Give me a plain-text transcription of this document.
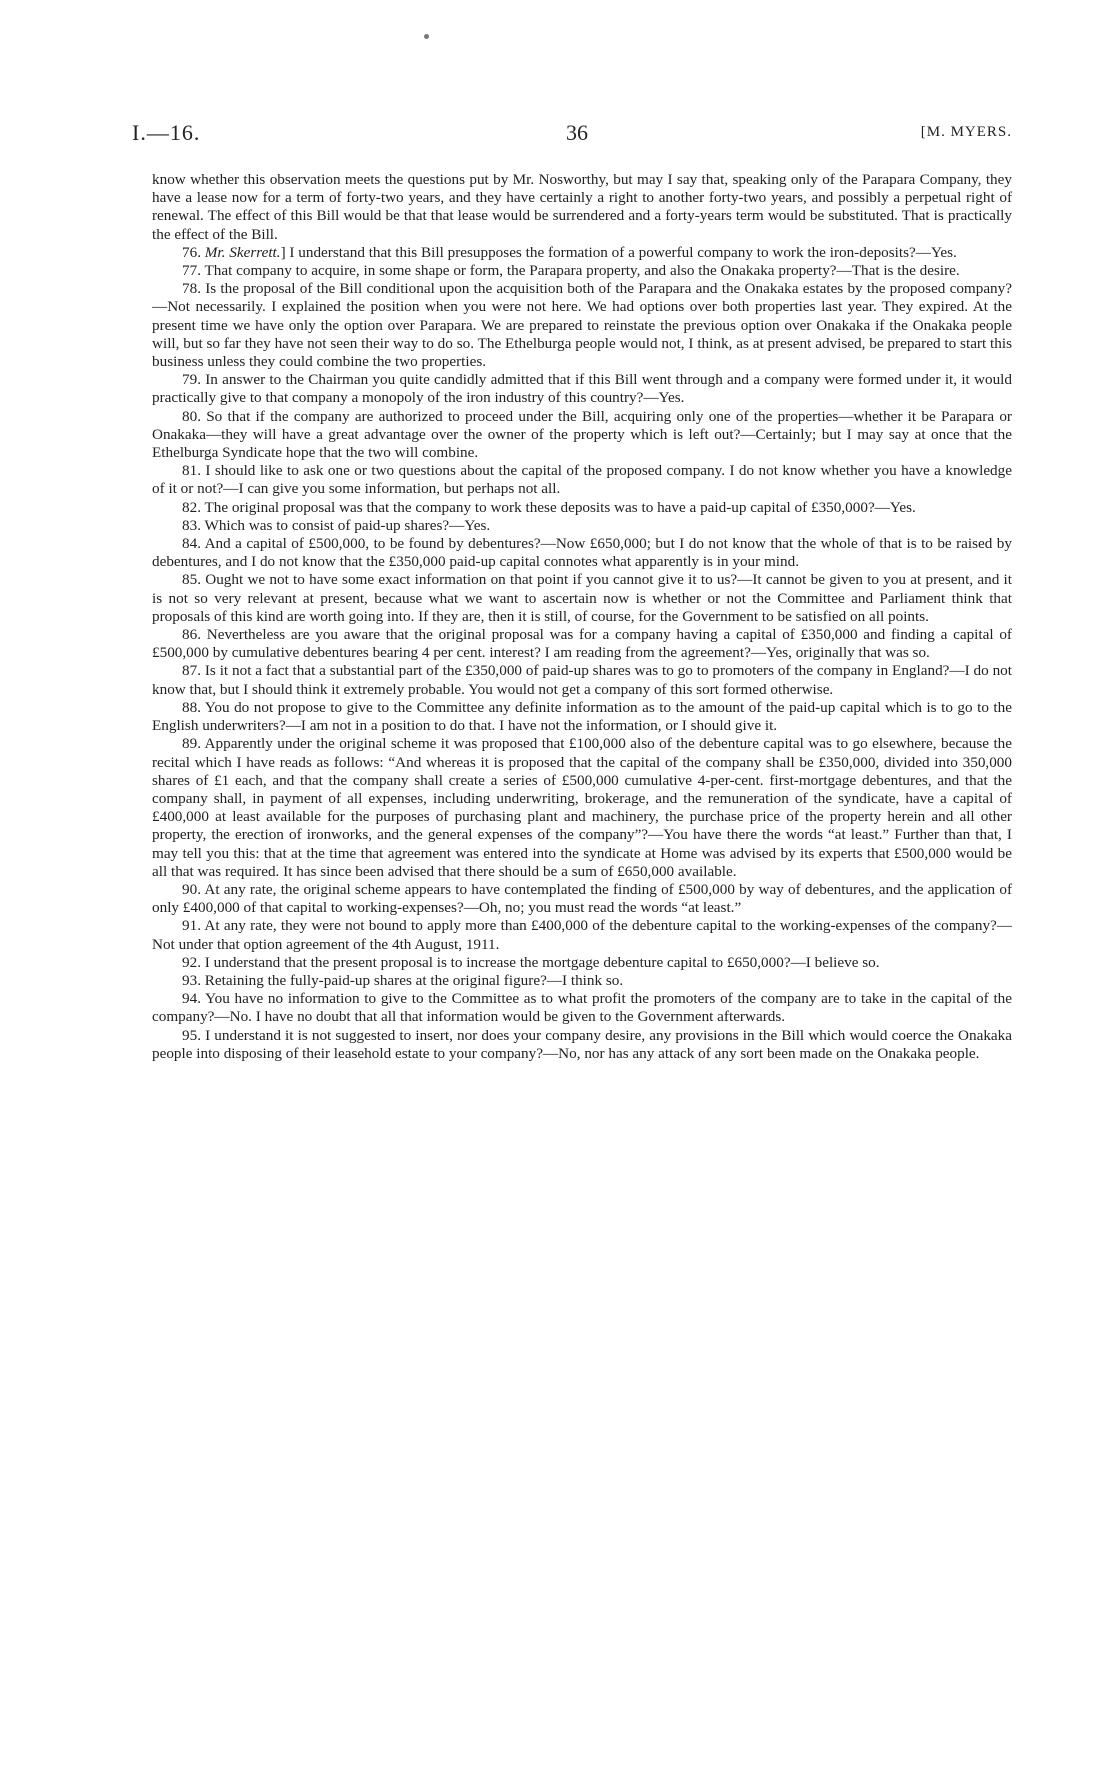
I.—16.	36	[M. MYERS.

know whether this observation meets the questions put by Mr. Nosworthy, but may I say that, speaking only of the Parapara Company, they have a lease now for a term of forty-two years, and they have certainly a right to another forty-two years, and possibly a perpetual right of renewal. The effect of this Bill would be that that lease would be surrendered and a forty-years term would be substituted. That is practically the effect of the Bill.

76. Mr. Skerrett.] I understand that this Bill presupposes the formation of a powerful company to work the iron-deposits?—Yes.

77. That company to acquire, in some shape or form, the Parapara property, and also the Onakaka property?—That is the desire.

78. Is the proposal of the Bill conditional upon the acquisition both of the Parapara and the Onakaka estates by the proposed company?—Not necessarily. I explained the position when you were not here. We had options over both properties last year. They expired. At the present time we have only the option over Parapara. We are prepared to reinstate the previous option over Onakaka if the Onakaka people will, but so far they have not seen their way to do so. The Ethelburga people would not, I think, as at present advised, be prepared to start this business unless they could combine the two properties.

79. In answer to the Chairman you quite candidly admitted that if this Bill went through and a company were formed under it, it would practically give to that company a monopoly of the iron industry of this country?—Yes.

80. So that if the company are authorized to proceed under the Bill, acquiring only one of the properties—whether it be Parapara or Onakaka—they will have a great advantage over the owner of the property which is left out?—Certainly; but I may say at once that the Ethelburga Syndicate hope that the two will combine.

81. I should like to ask one or two questions about the capital of the proposed company. I do not know whether you have a knowledge of it or not?—I can give you some information, but perhaps not all.

82. The original proposal was that the company to work these deposits was to have a paid-up capital of £350,000?—Yes.

83. Which was to consist of paid-up shares?—Yes.

84. And a capital of £500,000, to be found by debentures?—Now £650,000; but I do not know that the whole of that is to be raised by debentures, and I do not know that the £350,000 paid-up capital connotes what apparently is in your mind.

85. Ought we not to have some exact information on that point if you cannot give it to us?—It cannot be given to you at present, and it is not so very relevant at present, because what we want to ascertain now is whether or not the Committee and Parliament think that proposals of this kind are worth going into. If they are, then it is still, of course, for the Government to be satisfied on all points.

86. Nevertheless are you aware that the original proposal was for a company having a capital of £350,000 and finding a capital of £500,000 by cumulative debentures bearing 4 per cent. interest? I am reading from the agreement?—Yes, originally that was so.

87. Is it not a fact that a substantial part of the £350,000 of paid-up shares was to go to promoters of the company in England?—I do not know that, but I should think it extremely probable. You would not get a company of this sort formed otherwise.

88. You do not propose to give to the Committee any definite information as to the amount of the paid-up capital which is to go to the English underwriters?—I am not in a position to do that. I have not the information, or I should give it.

89. Apparently under the original scheme it was proposed that £100,000 also of the debenture capital was to go elsewhere, because the recital which I have reads as follows: “And whereas it is proposed that the capital of the company shall be £350,000, divided into 350,000 shares of £1 each, and that the company shall create a series of £500,000 cumulative 4-per-cent. first-mortgage debentures, and that the company shall, in payment of all expenses, including underwriting, brokerage, and the remuneration of the syndicate, have a capital of £400,000 at least available for the purposes of purchasing plant and machinery, the purchase price of the property herein and all other property, the erection of ironworks, and the general expenses of the company”?—You have there the words “at least.” Further than that, I may tell you this: that at the time that agreement was entered into the syndicate at Home was advised by its experts that £500,000 would be all that was required. It has since been advised that there should be a sum of £650,000 available.

90. At any rate, the original scheme appears to have contemplated the finding of £500,000 by way of debentures, and the application of only £400,000 of that capital to working-expenses?—Oh, no; you must read the words “at least.”

91. At any rate, they were not bound to apply more than £400,000 of the debenture capital to the working-expenses of the company?—Not under that option agreement of the 4th August, 1911.

92. I understand that the present proposal is to increase the mortgage debenture capital to £650,000?—I believe so.

93. Retaining the fully-paid-up shares at the original figure?—I think so.

94. You have no information to give to the Committee as to what profit the promoters of the company are to take in the capital of the company?—No. I have no doubt that all that information would be given to the Government afterwards.

95. I understand it is not suggested to insert, nor does your company desire, any provisions in the Bill which would coerce the Onakaka people into disposing of their leasehold estate to your company?—No, nor has any attack of any sort been made on the Onakaka people.
